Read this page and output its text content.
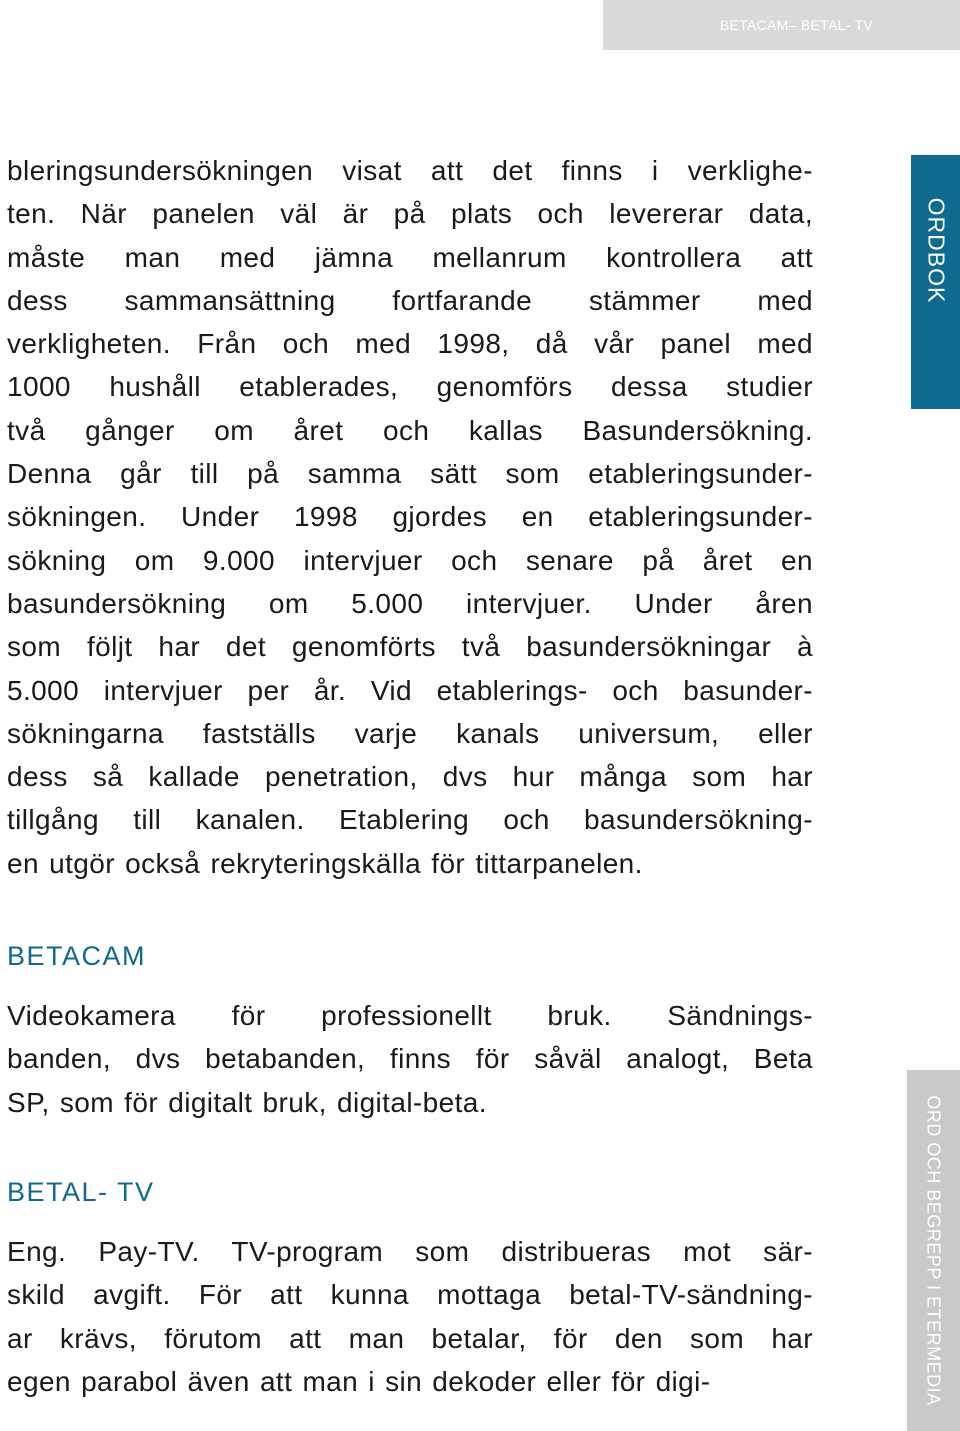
BETACAM– BETAL- TV
ORDBOK
9
ORD OCH BEGREPP I ETERMEDIA

bleringsundersökningen visat att det finns i verklighe-
ten. När panelen väl är på plats och levererar data,
måste man med jämna mellanrum kontrollera att
dess sammansättning fortfarande stämmer med
verkligheten. Från och med 1998, då vår panel med
1000 hushåll etablerades, genomförs dessa studier
två gånger om året och kallas Basundersökning.
Denna går till på samma sätt som etableringsunder-
sökningen. Under 1998 gjordes en etableringsunder-
sökning om 9.000 intervjuer och senare på året en
basundersökning om 5.000 intervjuer. Under åren
som följt har det genomförts två basundersökningar à
5.000 intervjuer per år. Vid etablerings- och basunder-
sökningarna fastställs varje kanals universum, eller
dess så kallade penetration, dvs hur många som har
tillgång till kanalen. Etablering och basundersökning-
en utgör också rekryteringskälla för tittarpanelen.

BETACAM

Videokamera för professionellt bruk. Sändnings-
banden, dvs betabanden, finns för såväl analogt, Beta
SP, som för digitalt bruk, digital-beta.

BETAL- TV

Eng. Pay-TV. TV-program som distribueras mot sär-
skild avgift. För att kunna mottaga betal-TV-sändning-
ar krävs, förutom att man betalar, för den som har
egen parabol även att man i sin dekoder eller för digi-
